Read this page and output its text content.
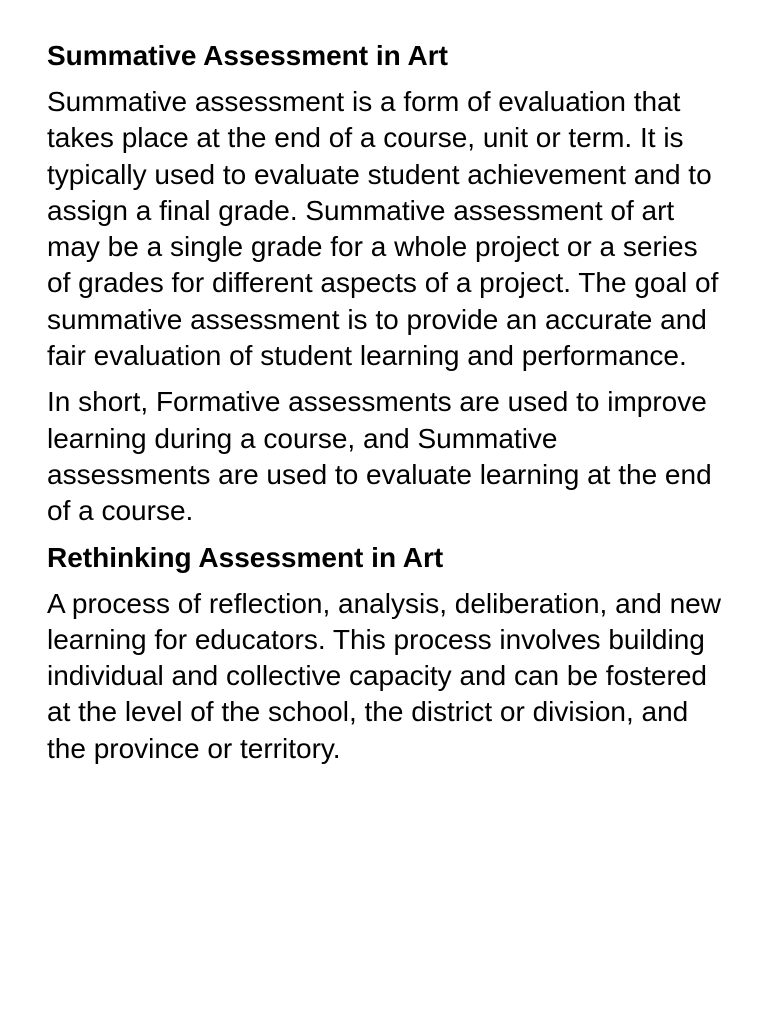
Summative Assessment in Art

Summative assessment is a form of evaluation that takes place at the end of a course, unit or term. It is typically used to evaluate student achievement and to assign a final grade. Summative assessment of art may be a single grade for a whole project or a series of grades for different aspects of a project. The goal of summative assessment is to provide an accurate and fair evaluation of student learning and performance.

In short, Formative assessments are used to improve learning during a course, and Summative assessments are used to evaluate learning at the end of a course.

Rethinking Assessment in Art

A process of reflection, analysis, deliberation, and new learning for educators. This process involves building individual and collective capacity and can be fostered at the level of the school, the district or division, and the province or territory.
